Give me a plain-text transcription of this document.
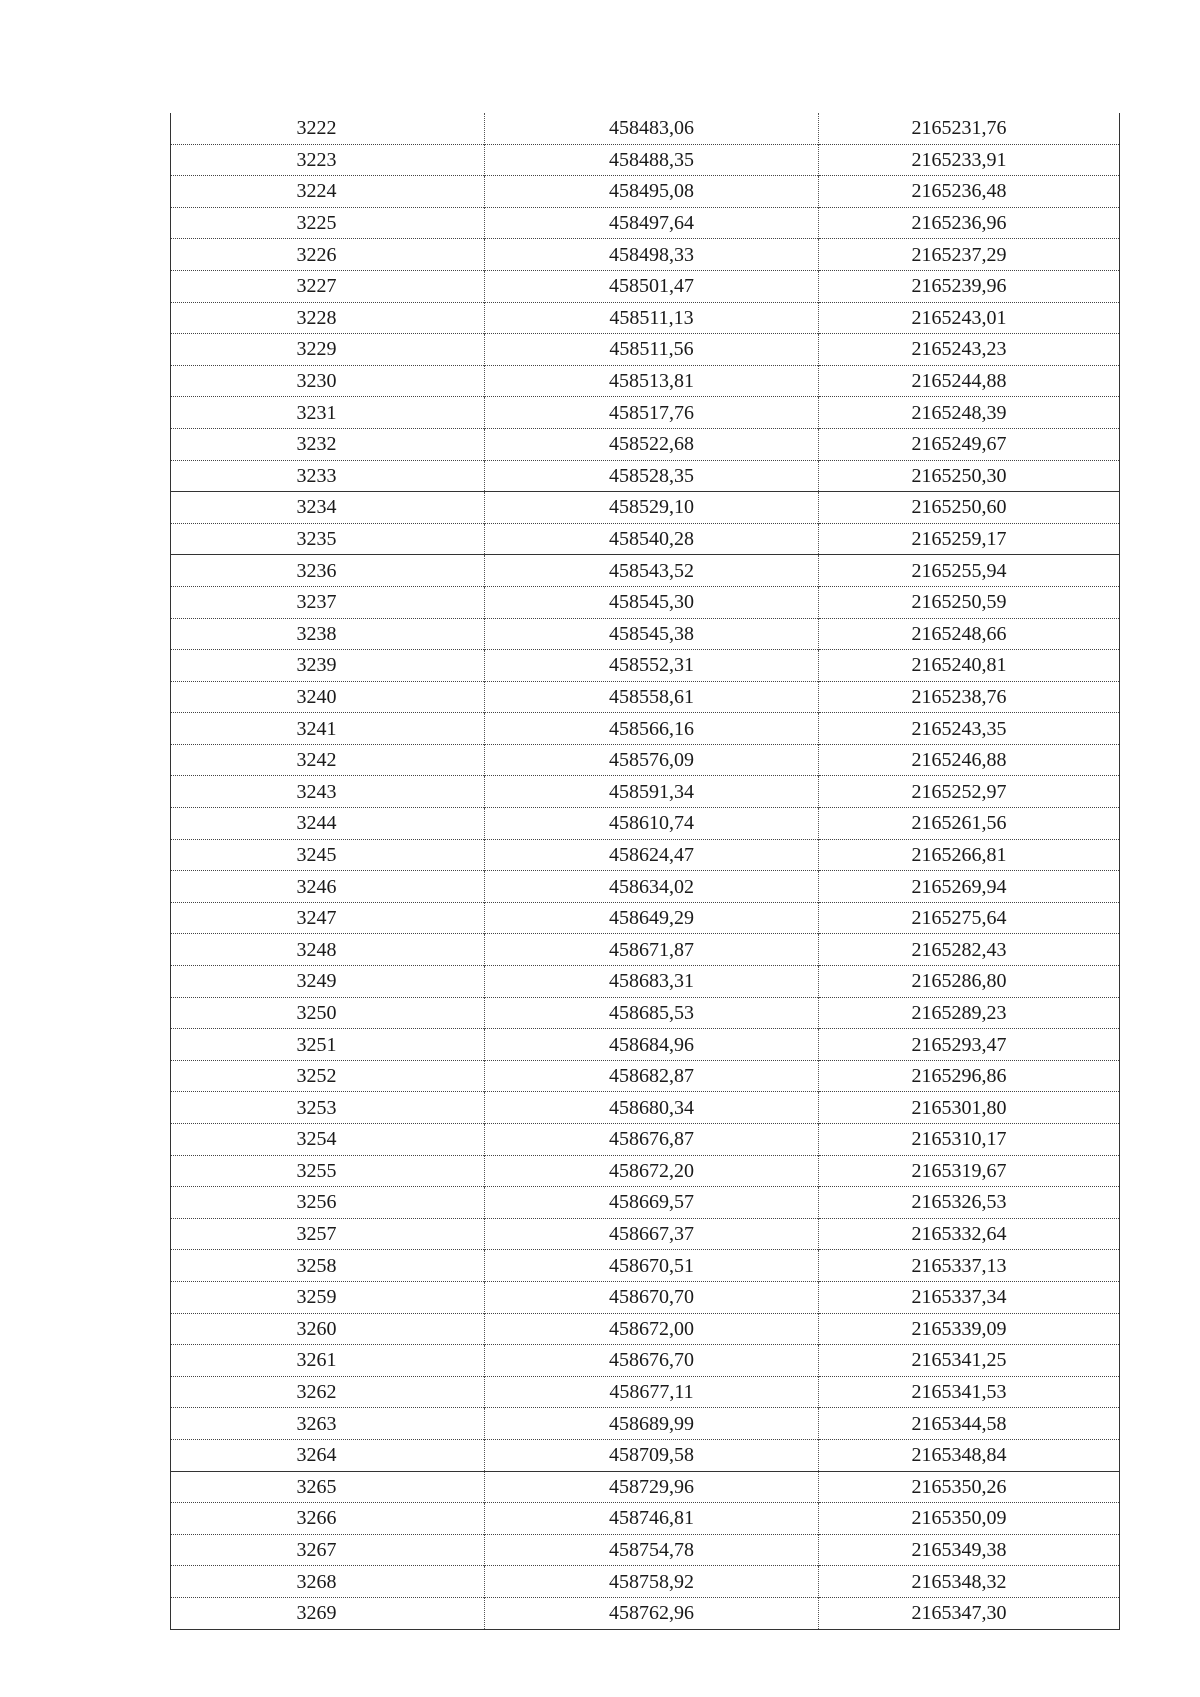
3222	458483,06	2165231,76
3223	458488,35	2165233,91
3224	458495,08	2165236,48
3225	458497,64	2165236,96
3226	458498,33	2165237,29
3227	458501,47	2165239,96
3228	458511,13	2165243,01
3229	458511,56	2165243,23
3230	458513,81	2165244,88
3231	458517,76	2165248,39
3232	458522,68	2165249,67
3233	458528,35	2165250,30
3234	458529,10	2165250,60
3235	458540,28	2165259,17
3236	458543,52	2165255,94
3237	458545,30	2165250,59
3238	458545,38	2165248,66
3239	458552,31	2165240,81
3240	458558,61	2165238,76
3241	458566,16	2165243,35
3242	458576,09	2165246,88
3243	458591,34	2165252,97
3244	458610,74	2165261,56
3245	458624,47	2165266,81
3246	458634,02	2165269,94
3247	458649,29	2165275,64
3248	458671,87	2165282,43
3249	458683,31	2165286,80
3250	458685,53	2165289,23
3251	458684,96	2165293,47
3252	458682,87	2165296,86
3253	458680,34	2165301,80
3254	458676,87	2165310,17
3255	458672,20	2165319,67
3256	458669,57	2165326,53
3257	458667,37	2165332,64
3258	458670,51	2165337,13
3259	458670,70	2165337,34
3260	458672,00	2165339,09
3261	458676,70	2165341,25
3262	458677,11	2165341,53
3263	458689,99	2165344,58
3264	458709,58	2165348,84
3265	458729,96	2165350,26
3266	458746,81	2165350,09
3267	458754,78	2165349,38
3268	458758,92	2165348,32
3269	458762,96	2165347,30
